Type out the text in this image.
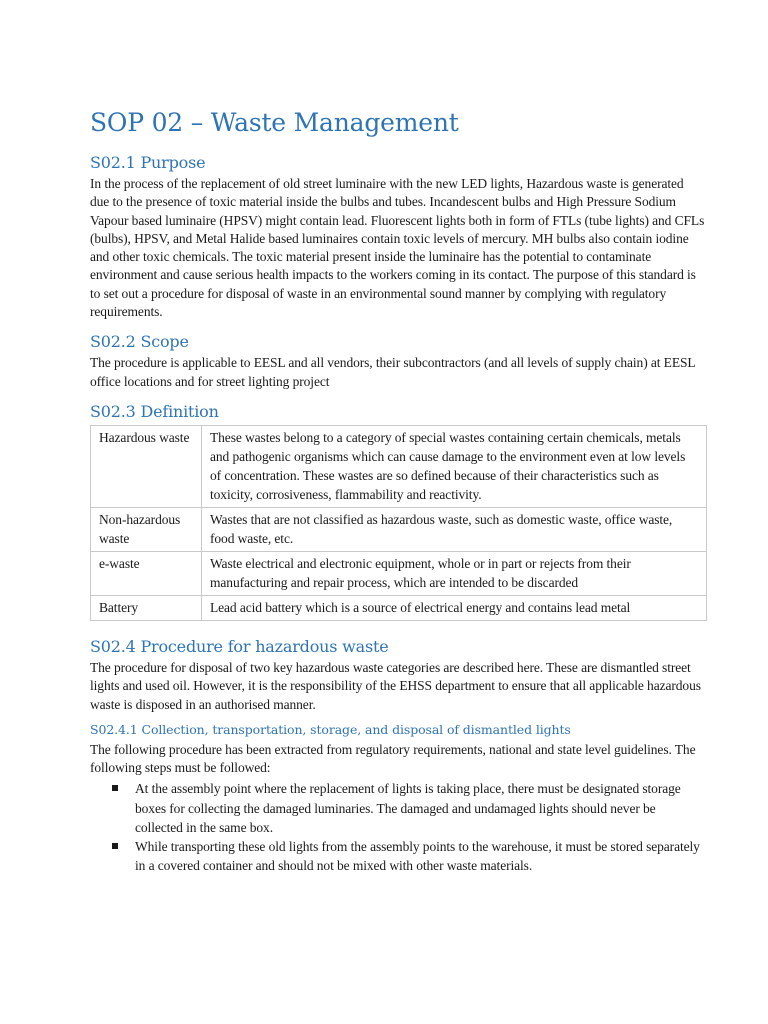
SOP 02 – Waste Management
S02.1 Purpose

In the process of the replacement of old street luminaire with the new LED lights, Hazardous waste is generated due to the presence of toxic material inside the bulbs and tubes. Incandescent bulbs and High Pressure Sodium Vapour based luminaire (HPSV) might contain lead. Fluorescent lights both in form of FTLs (tube lights) and CFLs (bulbs), HPSV, and Metal Halide based luminaires contain toxic levels of mercury. MH bulbs also contain iodine and other toxic chemicals. The toxic material present inside the luminaire has the potential to contaminate environment and cause serious health impacts to the workers coming in its contact. The purpose of this standard is to set out a procedure for disposal of waste in an environmental sound manner by complying with regulatory requirements.

S02.2 Scope

The procedure is applicable to EESL and all vendors, their subcontractors (and all levels of supply chain) at EESL office locations and for street lighting project

S02.3 Definition
Hazardous waste	These wastes belong to a category of special wastes containing certain chemicals, metals and pathogenic organisms which can cause damage to the environment even at low levels of concentration. These wastes are so defined because of their characteristics such as toxicity, corrosiveness, flammability and reactivity.
Non-hazardous waste	Wastes that are not classified as hazardous waste, such as domestic waste, office waste, food waste, etc.
e-waste	Waste electrical and electronic equipment, whole or in part or rejects from their manufacturing and repair process, which are intended to be discarded
Battery	Lead acid battery which is a source of electrical energy and contains lead metal
S02.4 Procedure for hazardous waste

The procedure for disposal of two key hazardous waste categories are described here. These are dismantled street lights and used oil. However, it is the responsibility of the EHSS department to ensure that all applicable hazardous waste is disposed in an authorised manner.

S02.4.1 Collection, transportation, storage, and disposal of dismantled lights

The following procedure has been extracted from regulatory requirements, national and state level guidelines. The following steps must be followed:

At the assembly point where the replacement of lights is taking place, there must be designated storage boxes for collecting the damaged luminaries. The damaged and undamaged lights should never be collected in the same box.
While transporting these old lights from the assembly points to the warehouse, it must be stored separately in a covered container and should not be mixed with other waste materials.
